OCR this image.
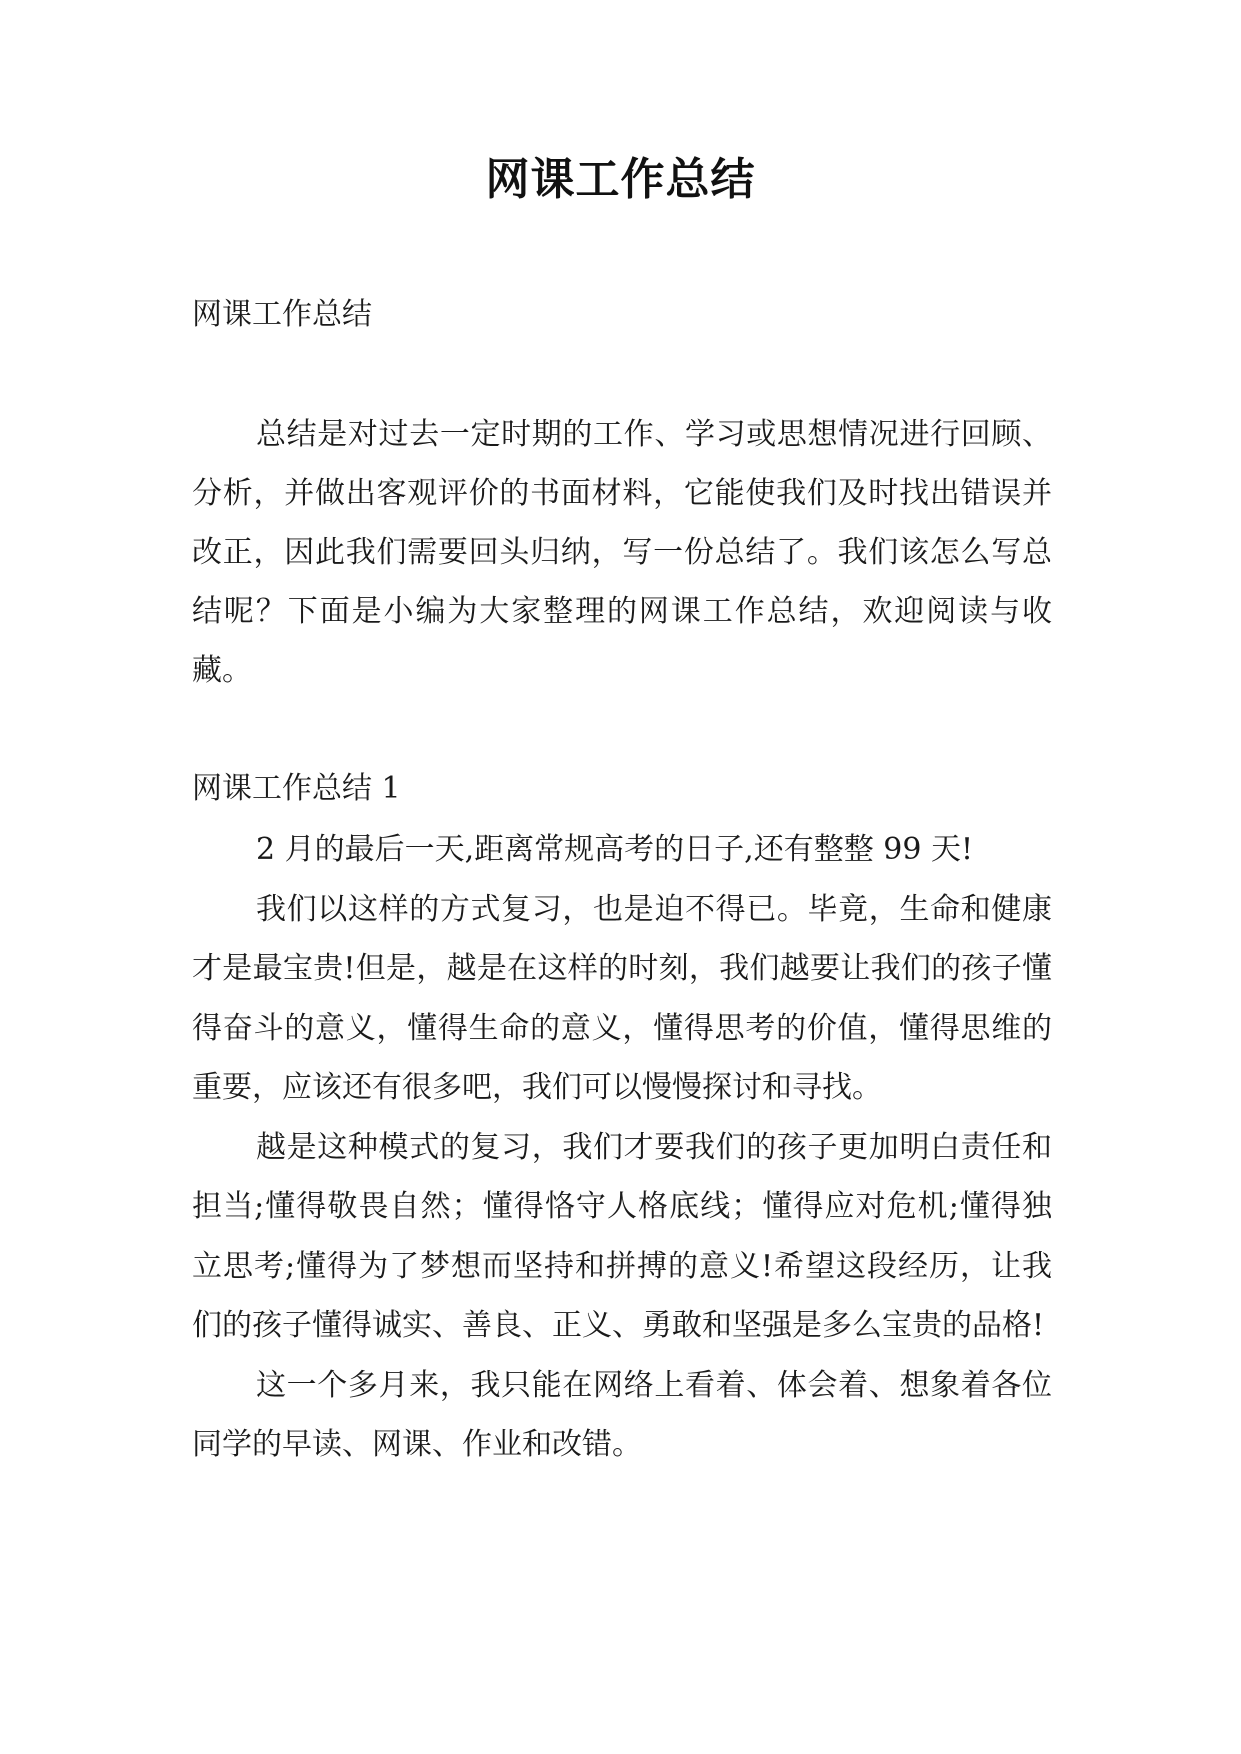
网课工作总结

网课工作总结

总结是对过去一定时期的工作、学习或思想情况进行回顾、分析，并做出客观评价的书面材料，它能使我们及时找出错误并改正，因此我们需要回头归纳，写一份总结了。我们该怎么写总结呢？下面是小编为大家整理的网课工作总结，欢迎阅读与收藏。

网课工作总结 1

2 月的最后一天,距离常规高考的日子,还有整整 99 天!

我们以这样的方式复习，也是迫不得已。毕竟，生命和健康才是最宝贵!但是，越是在这样的时刻，我们越要让我们的孩子懂得奋斗的意义，懂得生命的意义，懂得思考的价值，懂得思维的重要，应该还有很多吧，我们可以慢慢探讨和寻找。

越是这种模式的复习，我们才要我们的孩子更加明白责任和担当;懂得敬畏自然；懂得恪守人格底线；懂得应对危机;懂得独立思考;懂得为了梦想而坚持和拼搏的意义!希望这段经历，让我们的孩子懂得诚实、善良、正义、勇敢和坚强是多么宝贵的品格!

这一个多月来，我只能在网络上看着、体会着、想象着各位同学的早读、网课、作业和改错。
